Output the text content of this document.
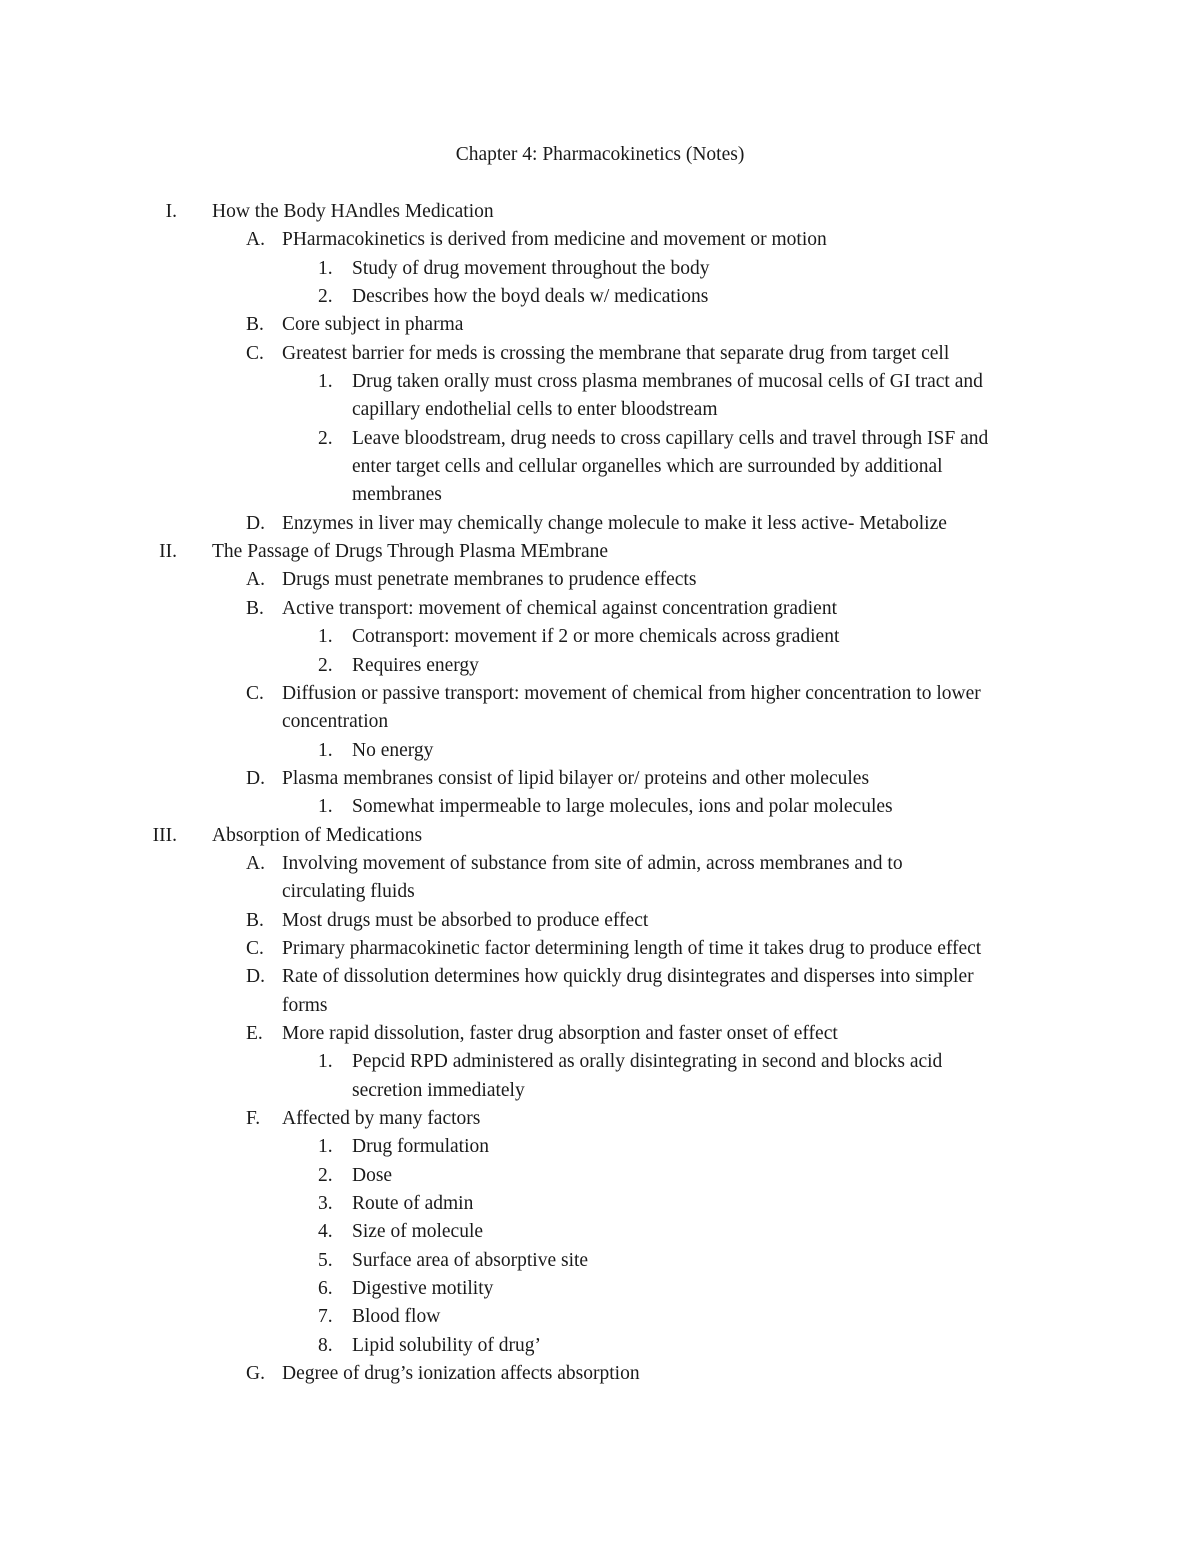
Chapter 4: Pharmacokinetics (Notes)
I. How the Body HAndles Medication
A. PHarmacokinetics is derived from medicine and movement or motion
1. Study of drug movement throughout the body
2. Describes how the boyd deals w/ medications
B. Core subject in pharma
C. Greatest barrier for meds is crossing the membrane that separate drug from target cell
1. Drug taken orally must cross plasma membranes of mucosal cells of GI tract and
capillary endothelial cells to enter bloodstream
2. Leave bloodstream, drug needs to cross capillary cells and travel through ISF and
enter target cells and cellular organelles which are surrounded by additional
membranes
D. Enzymes in liver may chemically change molecule to make it less active- Metabolize
II. The Passage of Drugs Through Plasma MEmbrane
A. Drugs must penetrate membranes to prudence effects
B. Active transport: movement of chemical against concentration gradient
1. Cotransport: movement if 2 or more chemicals across gradient
2. Requires energy
C. Diffusion or passive transport: movement of chemical from higher concentration to lower
concentration
1. No energy
D. Plasma membranes consist of lipid bilayer or/ proteins and other molecules
1. Somewhat impermeable to large molecules, ions and polar molecules
III. Absorption of Medications
A. Involving movement of substance from site of admin, across membranes and to
circulating fluids
B. Most drugs must be absorbed to produce effect
C. Primary pharmacokinetic factor determining length of time it takes drug to produce effect
D. Rate of dissolution determines how quickly drug disintegrates and disperses into simpler
forms
E. More rapid dissolution, faster drug absorption and faster onset of effect
1. Pepcid RPD administered as orally disintegrating in second and blocks acid
secretion immediately
F. Affected by many factors
1. Drug formulation
2. Dose
3. Route of admin
4. Size of molecule
5. Surface area of absorptive site
6. Digestive motility
7. Blood flow
8. Lipid solubility of drug’
G. Degree of drug’s ionization affects absorption
